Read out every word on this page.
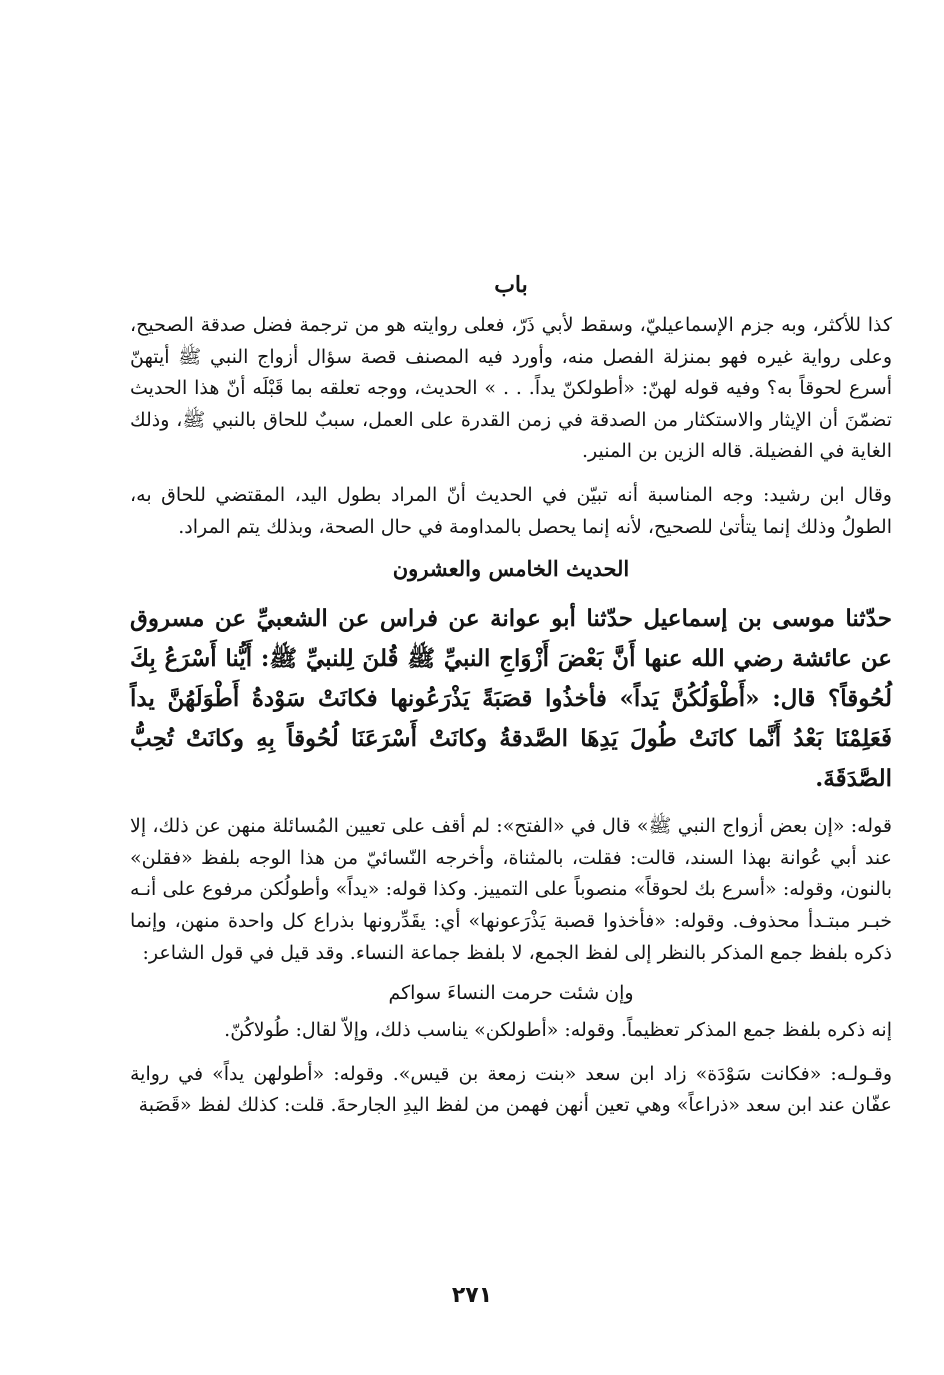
باب

كذا للأكثر، وبه جزم الإسماعيليّ، وسقط لأبي ذَرّ، فعلى روايته هو من ترجمة فضل صدقة الصحيح، وعلى رواية غيره فهو بمنزلة الفصل منه، وأورد فيه المصنف قصة سؤال أزواج النبي ﷺ أيتهنّ أسرع لحوقاً به؟ وفيه قوله لهنّ: «أطولكنّ يداً. . . » الحديث، ووجه تعلقه بما قَبْلَه أنّ هذا الحديث تضمّنَ أن الإيثار والاستكثار من الصدقة في زمن القدرة على العمل، سببٌ للحاق بالنبي ﷺ، وذلك الغاية في الفضيلة. قاله الزين بن المنير.

وقال ابن رشيد: وجه المناسبة أنه تبيّن في الحديث أنّ المراد بطول اليد، المقتضي للحاق به، الطولُ وذلك إنما يتأتىٰ للصحيح، لأنه إنما يحصل بالمداومة في حال الصحة، وبذلك يتم المراد.

الحديث الخامس والعشرون

حدّثنا موسى بن إسماعيل حدّثنا أبو عوانة عن فراس عن الشعبيِّ عن مسروق عن عائشة رضي الله عنها أَنَّ بَعْضَ أَزْوَاجِ النبيِّ ﷺ قُلنَ لِلنبيِّ ﷺ: أَيُّنا أَسْرَعُ بِكَ لُحُوقاً؟ قال: «أَطْوَلُكُنَّ يَداً» فأخذُوا قصَبَةً يَذْرَعُونها فكانَتْ سَوْدةُ أَطْوَلَهُنَّ يداً فَعَلِمْنَا بَعْدُ أَنَّما كانَتْ طُولَ يَدِهَا الصَّدقةُ وكانَتْ أَسْرَعَنَا لُحُوقاً بِهِ وكانَتْ تُحِبُّ الصَّدَقَةَ.

قوله: «إن بعض أزواج النبي ﷺ» قال في «الفتح»: لم أقف على تعيين المُسائلة منهن عن ذلك، إلا عند أبي عُوانة بهذا السند، قالت: فقلت، بالمثناة، وأخرجه النّسائيّ من هذا الوجه بلفظ «فقلن» بالنون، وقوله: «أسرع بك لحوقاً» منصوباً على التمييز. وكذا قوله: «يداً» وأطولُكن مرفوع على أنـه خبـر مبتـدأ محذوف. وقوله: «فأخذوا قصبة يَذْرَعونها» أي: يقَدِّرونها بذراع كل واحدة منهن، وإنما ذكره بلفظ جمع المذكر بالنظر إلى لفظ الجمع، لا بلفظ جماعة النساء. وقد قيل في قول الشاعر:

وإن شئت حرمت النساءَ سواكم

إنه ذكره بلفظ جمع المذكر تعظيماً. وقوله: «أطولكن» يناسب ذلك، وإلاّ لقال: طُولاكُنّ.

وقـولـه: «فكانت سَوْدَة» زاد ابن سعد «بنت زمعة بن قيس». وقوله: «أطولهن يداً» في رواية عفّان عند ابن سعد «ذراعاً» وهي تعين أنهن فهمن من لفظ اليدِ الجارحةَ. قلت: كذلك لفظ «قَصَبة

٢٧١
